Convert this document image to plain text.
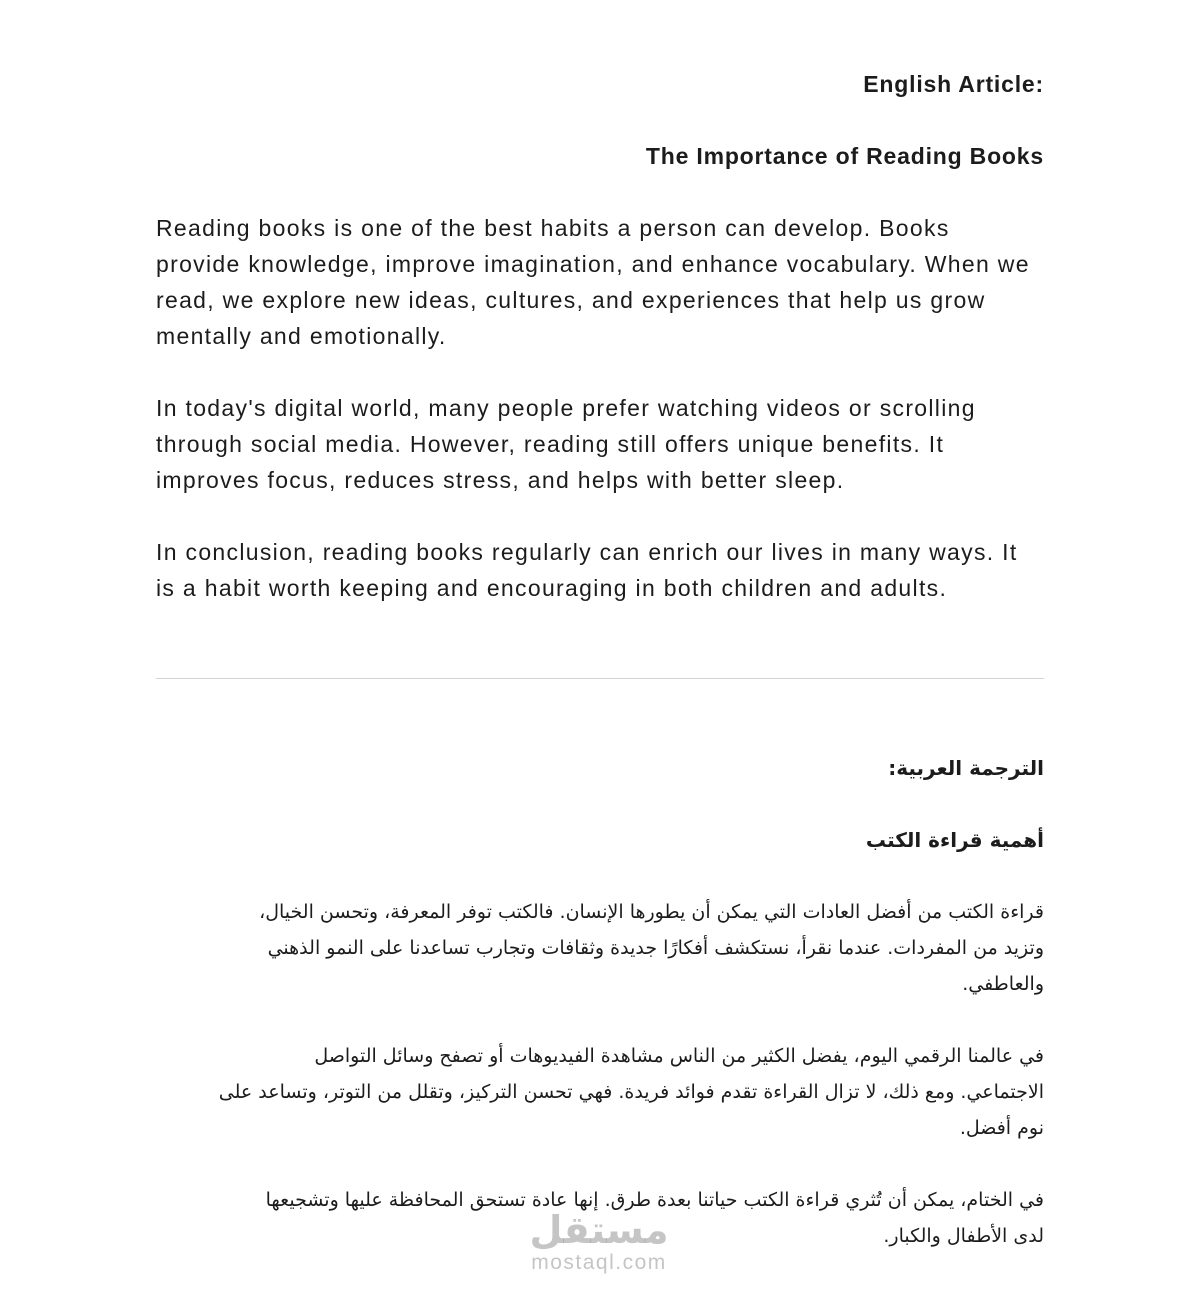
English Article:
The Importance of Reading Books
Reading books is one of the best habits a person can develop. Books
provide knowledge, improve imagination, and enhance vocabulary. When we
read, we explore new ideas, cultures, and experiences that help us grow
mentally and emotionally.
In today's digital world, many people prefer watching videos or scrolling
through social media. However, reading still offers unique benefits. It
improves focus, reduces stress, and helps with better sleep.
In conclusion, reading books regularly can enrich our lives in many ways. It
is a habit worth keeping and encouraging in both children and adults.
الترجمة العربية:
أهمية قراءة الكتب
قراءة الكتب من أفضل العادات التي يمكن أن يطورها الإنسان. فالكتب توفر المعرفة، وتحسن الخيال،
وتزيد من المفردات. عندما نقرأ، نستكشف أفكارًا جديدة وثقافات وتجارب تساعدنا على النمو الذهني
والعاطفي.
في عالمنا الرقمي اليوم، يفضل الكثير من الناس مشاهدة الفيديوهات أو تصفح وسائل التواصل
الاجتماعي. ومع ذلك، لا تزال القراءة تقدم فوائد فريدة. فهي تحسن التركيز، وتقلل من التوتر، وتساعد على
نوم أفضل.
في الختام، يمكن أن تُثري قراءة الكتب حياتنا بعدة طرق. إنها عادة تستحق المحافظة عليها وتشجيعها
لدى الأطفال والكبار.
مستقل
mostaql.com
